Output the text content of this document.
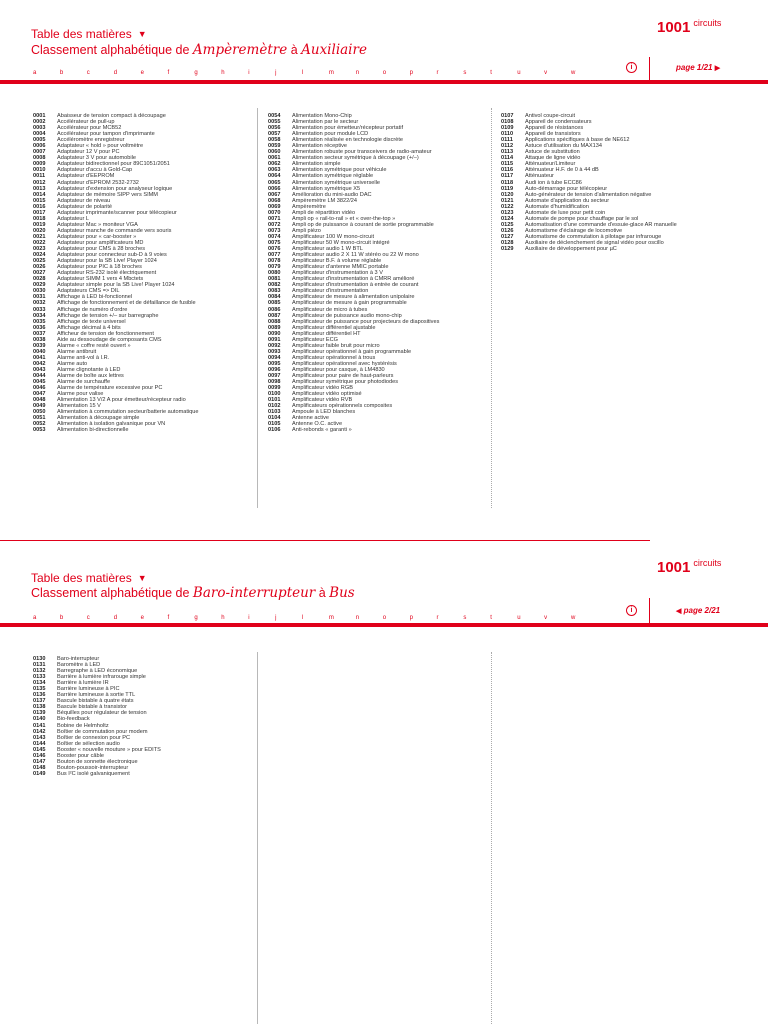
Table des matières ▼
Classement alphabétique de Ampèremètre à Auxiliaire
1001 $^{circuits}$
a	b	c	d	e	f	g	h	i	j	l	m	n	o	p	r	s	t	u	v	w
i	page 1/21 ▶
0001 Abaisseur de tension compact à découpage
0002 Accélérateur de pull-up
0003 Accélérateur pour MCB52
0004 Accélérateur pour tampon d'imprimante
0005 Accéléromètre enregistreur
0006 Adaptateur « hold » pour voltmètre
0007 Adaptateur 12 V pour PC
0008 Adaptateur 3 V pour automobile
0009 Adaptateur bidirectionnel pour 89C1051/2051
0010 Adaptateur d'accu à Gold-Cap
0011 Adaptateur d'EEPROM
0012 Adaptateur d'EPROM 2532-2732
0013 Adaptateur d'extension pour analyseur logique
0014 Adaptateur de mémoire SIPP vers SIMM
0015 Adaptateur de niveau
0016 Adaptateur de polarité
0017 Adaptateur imprimante/scanner pour télécopieur
0018 Adaptateur L
0019 Adaptateur Mac » moniteur VGA
0020 Adaptateur manche de commande vers souris
0021 Adaptateur pour « car-booster »
0022 Adaptateur pour amplificateurs MD
0023 Adaptateur pour CMS à 28 broches
0024 Adaptateur pour connecteur sub-D à 9 voies
0025 Adaptateur pour la SB Live! Player 1024
0026 Adaptateur pour PIC à 18 broches
0027 Adaptateur RS-232 isolé électriquement
0028 Adaptateur SIMM 1 vers 4 Mbctets
0029 Adaptateur simple pour la SB Live! Player 1024
0030 Adaptateurs CMS => DIL
0031 Affichage à LED bi-fonctionnel
0032 Affichage de fonctionnement et de défaillance de fusible
0033 Affichage de numéro d'ordre
0034 Affichage de tension +/– sur barregraphe
0035 Affichage de texte universel
0036 Affichage décimal à 4 bits
0037 Afficheur de tension de fonctionnement
0038 Aide au dessoudage de composants CMS
0039 Alarme « coffre resté ouvert »
0040 Alarme antibruit
0041 Alarme anti-vol à I.R.
0042 Alarme auto
0043 Alarme clignotante à LED
0044 Alarme de boîte aux lettres
0045 Alarme de surchauffe
0046 Alarme de température excessive pour PC
0047 Alarme pour valise
0048 Alimentation 13 V/2 A pour émetteur/récepteur radio
0049 Alimentation 15 V
0050 Alimentation à commutation secteur/batterie automatique
0051 Alimentation à découpage simple
0052 Alimentation à isolation galvanique pour VN
0053 Alimentation bi-directionnelle
0054 Alimentation Mono-Chip
0055 Alimentation par le secteur
0056 Alimentation pour émetteur/récepteur portatif
0057 Alimentation pour module LCD
0058 Alimentation réalisée en technologie discrète
0059 Alimentation réceptive
0060 Alimentation robuste pour transceivers de radio-amateur
0061 Alimentation secteur symétrique à découpage (+/–)
0062 Alimentation simple
0063 Alimentation symétrique pour véhicule
0064 Alimentation symétrique réglable
0065 Alimentation symétrique universelle
0066 Alimentation symétrique X5
0067 Amélioration du mini-audio DAC
0068 Ampèremètre LM 3822/24
0069 Ampèremètre
0070 Ampli de répartition vidéo
0071 Ampli op « rail-to-rail » et « over-the-top »
0072 Ampli op de puissance à courant de sortie programmable
0073 Ampli piézo
0074 Amplificateur 100 W mono-circuit
0075 Amplificateur 50 W mono-circuit intégré
0076 Amplificateur audio 1 W BTL
0077 Amplificateur audio 2 X 11 W stéréo ou 22 W mono
0078 Amplificateur B.F. à volume réglable
0079 Amplificateur d'antenne MMIC portable
0080 Amplificateur d'instrumentation à 3 V
0081 Amplificateur d'instrumentation à CMRR amélioré
0082 Amplificateur d'instrumentation à entrée de courant
0083 Amplificateur d'instrumentation
0084 Amplificateur de mesure à alimentation unipolaire
0085 Amplificateur de mesure à gain programmable
0086 Amplificateur de micro à tubes
0087 Amplificateur de puissance audio mono-chip
0088 Amplificateur de puissance pour projecteurs de diapositives
0089 Amplificateur différentiel ajustable
0090 Amplificateur différentiel HT
0091 Amplificateur ECG
0092 Amplificateur faible bruit pour micro
0093 Amplificateur opérationnel à gain programmable
0094 Amplificateur opérationnel à trous
0095 Amplificateur opérationnel avec hystérésis
0096 Amplificateur pour casque, à LM4830
0097 Amplificateur pour paire de haut-parleurs
0098 Amplificateur symétrique pour photodiodes
0099 Amplificateur vidéo RGB
0100 Amplificateur vidéo optimisé
0101 Amplificateur vidéo RVB
0102 Amplificateurs opérationnels composites
0103 Ampoule à LED blanches
0104 Antenne active
0105 Antenne O.C. active
0106 Anti-rebonds « garanti »
0107 Antivol coupe-circuit
0108 Appareil de condensateurs
0109 Appareil de résistances
0110 Appareil de transistors
0111 Applications spécifiques à base de NE612
0112 Astuce d'utilisation du MAX134
0113 Astuce de substitution
0114 Attaque de ligne vidéo
0115 Atténuateur/Limiteur
0116 Atténuateur H.F. de 0 à 44 dB
0117 Atténuateur
0118 Audi ion à tube ECC86
0119 Auto-démarrage pour télécopieur
0120 Auto-générateur de tension d'alimentation négative
0121 Automate d'application du secteur
0122 Automate d'humidification
0123 Automate de luxe pour petit coin
0124 Automate de pompe pour chauffage par le sol
0125 Automatisation d'une commande d'essuie-glace AR manuelle
0126 Automatisme d'éclairage de locomotive
0127 Automatisme de commutation à pilotage par infrarouge
0128 Auxiliaire de déclenchement de signal vidéo pour oscillo
0129 Auxiliaire de développement pour µC
Table des matières ▼
Classement alphabétique de Baro-interrupteur à Bus
1001 $^{circuits}$
a	b	c	d	e	f	g	h	i	j	l	m	n	o	p	r	s	t	u	v	w
i	◀ page 2/21
0130 Baro-interrupteur
0131 Baromètre à LED
0132 Barregraphe à LED économique
0133 Barrière à lumière infrarouge simple
0134 Barrière à lumière IR
0135 Barrière lumineuse à PIC
0136 Barrière lumineuse à sortie TTL
0137 Bascule bistable à quatre états
0138 Bascule bistable à transistor
0139 Béquilles pour régulateur de tension
0140 Bio-feedback
0141 Bobine de Helmholtz
0142 Boîtier de commutation pour modem
0143 Boîtier de connexion pour PC
0144 Boîtier de sélection audio
0145 Booster « nouvelle mouture » pour EDITS
0146 Booster pour câble
0147 Bouton de sonnette électronique
0148 Bouton-poussoir-interrupteur
0149 Bus I²C isolé galvaniquement
